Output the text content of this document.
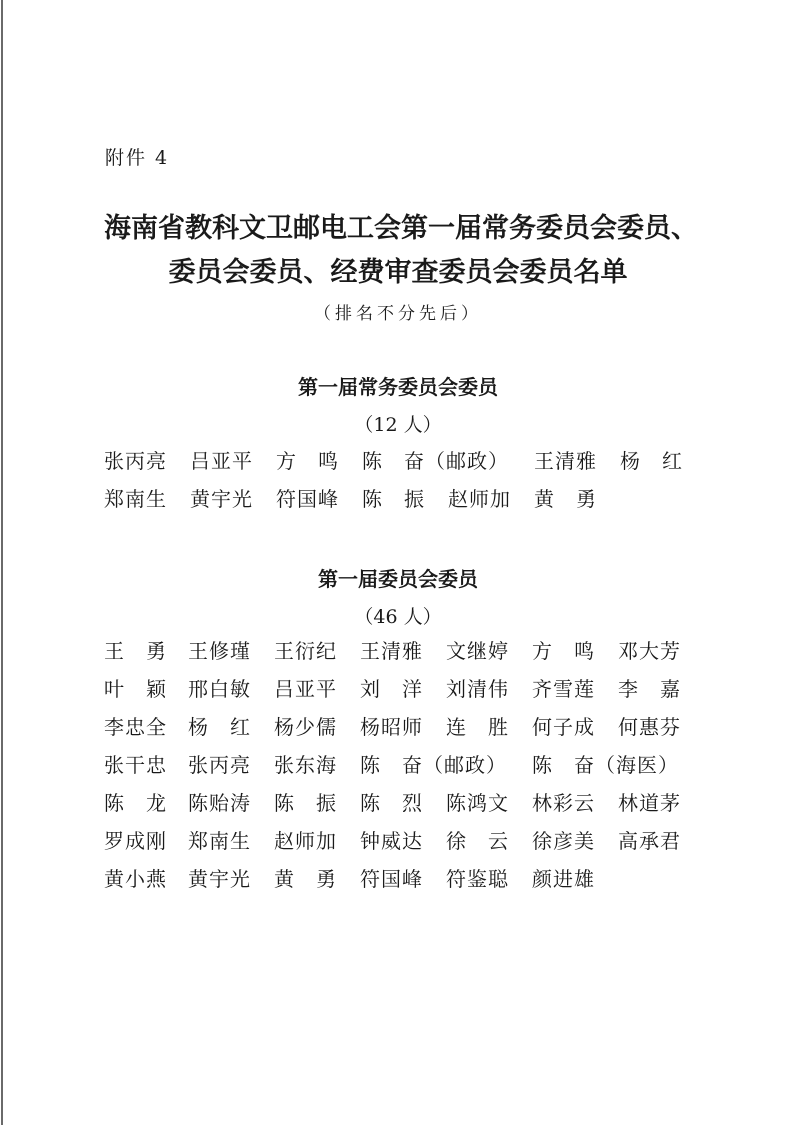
附件 4
海南省教科文卫邮电工会第一届常务委员会委员、
委员会委员、经费审查委员会委员名单
（排名不分先后）
第一届常务委员会委员
（12 人）
张丙亮 吕亚平 方　鸣 陈　奋（邮政） 王清雅 杨　红
郑南生 黄宇光 符国峰 陈　振 赵师加 黄　勇
第一届委员会委员
（46 人）
王　勇 王修瑾 王衍纪 王清雅 文继婷 方　鸣 邓大芳
叶　颖 邢白敏 吕亚平 刘　洋 刘清伟 齐雪莲 李　嘉
李忠全 杨　红 杨少儒 杨昭师 连　胜 何子成 何惠芬
张干忠 张丙亮 张东海 陈　奋（邮政） 陈　奋（海医）
陈　龙 陈贻涛 陈　振 陈　烈 陈鸿文 林彩云 林道茅
罗成刚 郑南生 赵师加 钟威达 徐　云 徐彦美 高承君
黄小燕 黄宇光 黄　勇 符国峰 符鉴聪 颜进雄
